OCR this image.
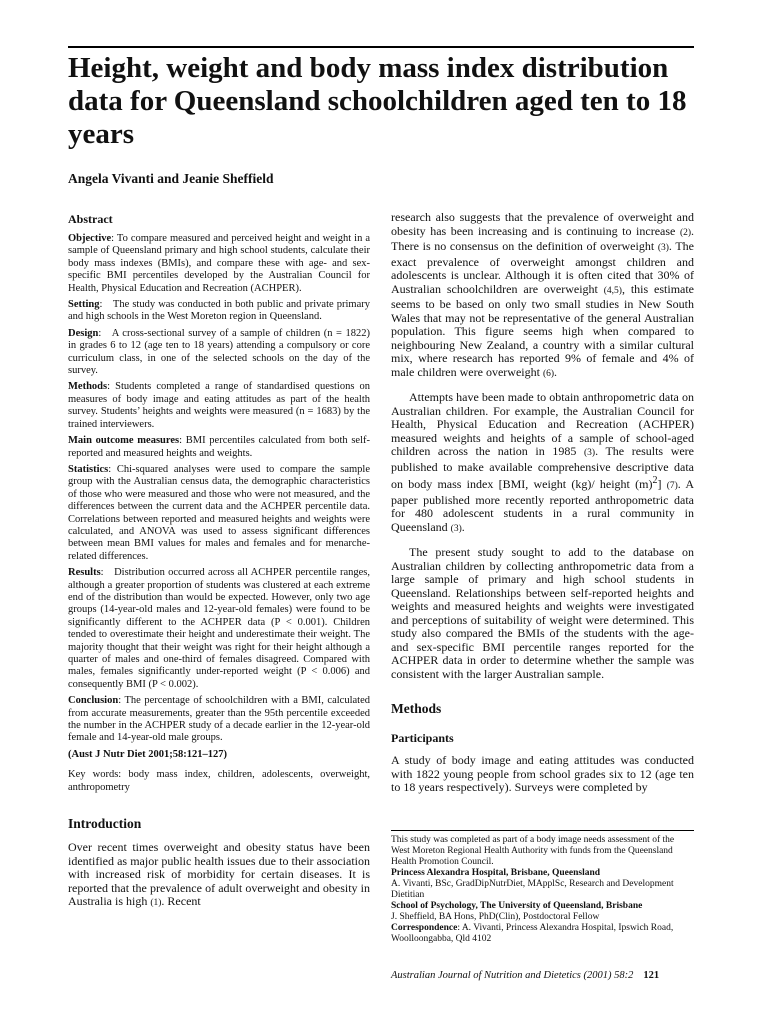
Height, weight and body mass index distribution data for Queensland schoolchildren aged ten to 18 years
Angela Vivanti and Jeanie Sheffield

Abstract

Objective: To compare measured and perceived height and weight in a sample of Queensland primary and high school students, calculate their body mass indexes (BMIs), and compare these with age- and sex-specific BMI percentiles developed by the Australian Council for Health, Physical Education and Recreation (ACHPER).

Setting: The study was conducted in both public and private primary and high schools in the West Moreton region in Queensland.

Design: A cross-sectional survey of a sample of children (n = 1822) in grades 6 to 12 (age ten to 18 years) attending a compulsory or core curriculum class, in one of the selected schools on the day of the survey.

Methods: Students completed a range of standardised questions on measures of body image and eating attitudes as part of the health survey. Students’ heights and weights were measured (n = 1683) by the trained interviewers.

Main outcome measures: BMI percentiles calculated from both self-reported and measured heights and weights.

Statistics: Chi-squared analyses were used to compare the sample group with the Australian census data, the demographic characteristics of those who were measured and those who were not measured, and the differences between the current data and the ACHPER percentile data. Correlations between reported and measured heights and weights were calculated, and ANOVA was used to assess significant differences between mean BMI values for males and females and for menarche-related differences.

Results: Distribution occurred across all ACHPER percentile ranges, although a greater proportion of students was clustered at each extreme end of the distribution than would be expected. However, only two age groups (14-year-old males and 12-year-old females) were found to be significantly different to the ACHPER data (P < 0.001). Children tended to overestimate their height and underestimate their weight. The majority thought that their weight was right for their height although a quarter of males and one-third of females disagreed. Compared with males, females significantly under-reported weight (P < 0.006) and consequently BMI (P < 0.002).

Conclusion: The percentage of schoolchildren with a BMI, calculated from accurate measurements, greater than the 95th percentile exceeded the number in the ACHPER study of a decade earlier in the 12-year-old female and 14-year-old male groups.

(Aust J Nutr Diet 2001;58:121–127)

Key words: body mass index, children, adolescents, overweight, anthropometry

Introduction

Over recent times overweight and obesity status have been identified as major public health issues due to their association with increased risk of morbidity for certain diseases. It is reported that the prevalence of adult overweight and obesity in Australia is high (1). Recent

research also suggests that the prevalence of overweight and obesity has been increasing and is continuing to increase (2). There is no consensus on the definition of overweight (3). The exact prevalence of overweight amongst children and adolescents is unclear. Although it is often cited that 30% of Australian schoolchildren are overweight (4,5), this estimate seems to be based on only two small studies in New South Wales that may not be representative of the general Australian population. This figure seems high when compared to neighbouring New Zealand, a country with a similar cultural mix, where research has reported 9% of female and 4% of male children were overweight (6).

Attempts have been made to obtain anthropometric data on Australian children. For example, the Australian Council for Health, Physical Education and Recreation (ACHPER) measured weights and heights of a sample of school-aged children across the nation in 1985 (3). The results were published to make available comprehensive descriptive data on body mass index [BMI, weight (kg)/ height $(m)^2$] (7). A paper published more recently reported anthropometric data for 480 adolescent students in a rural community in Queensland (3).

The present study sought to add to the database on Australian children by collecting anthropometric data from a large sample of primary and high school students in Queensland. Relationships between self-reported heights and weights and measured heights and weights were investigated and perceptions of suitability of weight were determined. This study also compared the BMIs of the students with the age- and sex-specific BMI percentile ranges reported for the ACHPER data in order to determine whether the sample was consistent with the larger Australian sample.

Methods

Participants

A study of body image and eating attitudes was conducted with 1822 young people from school grades six to 12 (age ten to 18 years respectively). Surveys were completed by

This study was completed as part of a body image needs assessment of the West Moreton Regional Health Authority with funds from the Queensland Health Promotion Council.

Princess Alexandra Hospital, Brisbane, Queensland

A. Vivanti, BSc, GradDipNutrDiet, MApplSc, Research and Development Dietitian

School of Psychology, The University of Queensland, Brisbane

J. Sheffield, BA Hons, PhD(Clin), Postdoctoral Fellow

Correspondence: A. Vivanti, Princess Alexandra Hospital, Ipswich Road, Woolloongabba, Qld 4102

Australian Journal of Nutrition and Dietetics (2001) 58:2 121
